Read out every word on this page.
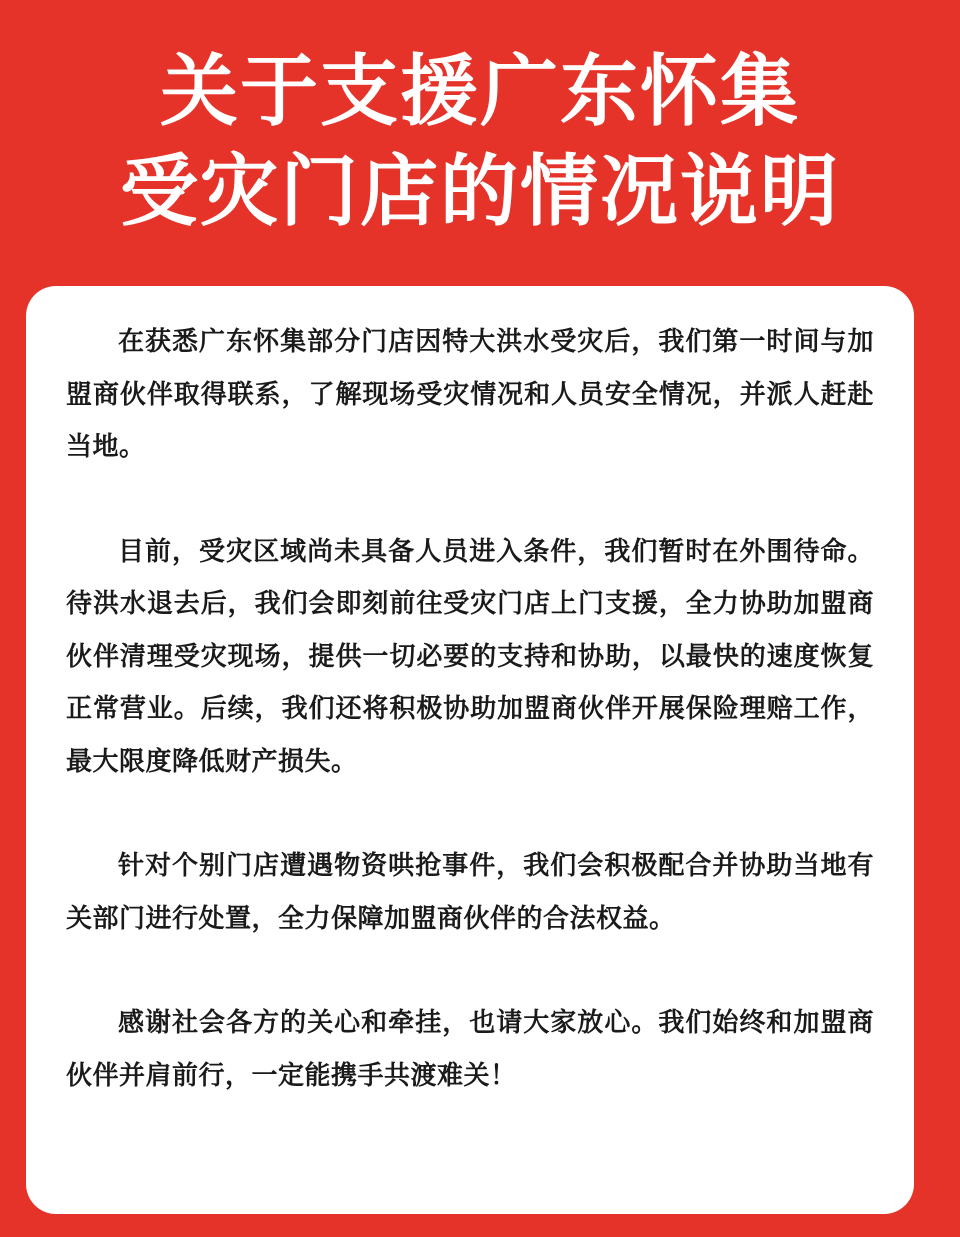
关于支援广东怀集
受灾门店的情况说明

在获悉广东怀集部分门店因特大洪水受灾后，我们第一时间与加盟商伙伴取得联系，了解现场受灾情况和人员安全情况，并派人赶赴当地。

目前，受灾区域尚未具备人员进入条件，我们暂时在外围待命。待洪水退去后，我们会即刻前往受灾门店上门支援，全力协助加盟商伙伴清理受灾现场，提供一切必要的支持和协助，以最快的速度恢复正常营业。后续，我们还将积极协助加盟商伙伴开展保险理赔工作，最大限度降低财产损失。

针对个别门店遭遇物资哄抢事件，我们会积极配合并协助当地有关部门进行处置，全力保障加盟商伙伴的合法权益。

感谢社会各方的关心和牵挂，也请大家放心。我们始终和加盟商伙伴并肩前行，一定能携手共渡难关！
